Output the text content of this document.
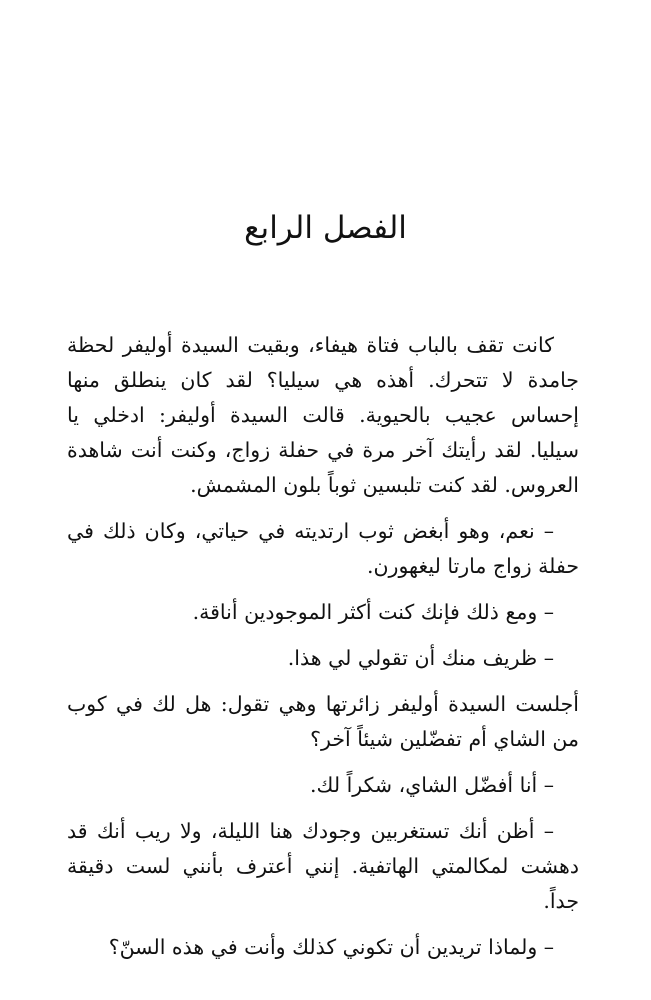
الفصل الرابع

كانت تقف بالباب فتاة هيفاء، وبقيت السيدة أوليفر لحظة جامدة لا تتحرك. أهذه هي سيليا؟ لقد كان ينطلق منها إحساس عجيب بالحيوية. قالت السيدة أوليفر: ادخلي يا سيليا. لقد رأيتك آخر مرة في حفلة زواج، وكنت أنت شاهدة العروس. لقد كنت تلبسين ثوباً بلون المشمش.

– نعم، وهو أبغض ثوب ارتديته في حياتي، وكان ذلك في حفلة زواج مارتا ليغهورن.

– ومع ذلك فإنك كنت أكثر الموجودين أناقة.

– ظريف منك أن تقولي لي هذا.

أجلست السيدة أوليفر زائرتها وهي تقول: هل لك في كوب من الشاي أم تفضّلين شيئاً آخر؟

– أنا أفضّل الشاي، شكراً لك.

– أظن أنك تستغربين وجودك هنا الليلة، ولا ريب أنك قد دهشت لمكالمتي الهاتفية. إنني أعترف بأنني لست دقيقة جداً.

– ولماذا تريدين أن تكوني كذلك وأنت في هذه السنّ؟
